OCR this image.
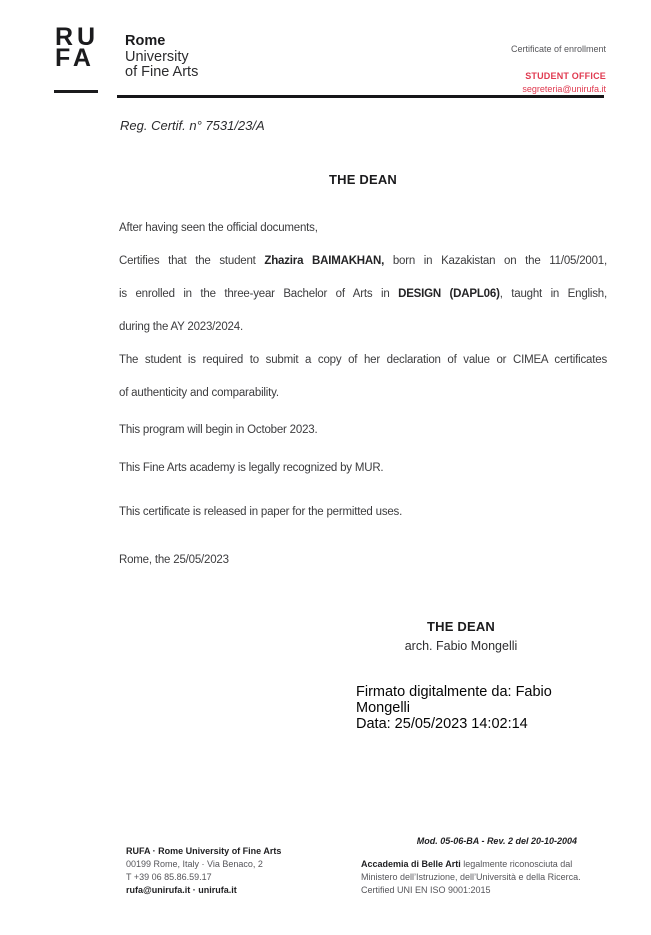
RU
FA
Rome
University
of Fine Arts
Certificate of enrollment
STUDENT OFFICE
segreteria@unirufa.it
Reg. Certif. n° 7531/23/A
THE DEAN
After having seen the official documents,
Certifies that the student Zhazira BAIMAKHAN, born in Kazakistan on the 11/05/2001,
is enrolled in the three-year Bachelor of Arts in DESIGN (DAPL06), taught in English,
during the AY 2023/2024.
The student is required to submit a copy of her declaration of value or CIMEA certificates
of authenticity and comparability.
This program will begin in October 2023.
This Fine Arts academy is legally recognized by MUR.
This certificate is released in paper for the permitted uses.
Rome, the 25/05/2023
THE DEAN
arch. Fabio Mongelli
Firmato digitalmente da: Fabio
Mongelli
Data: 25/05/2023 14:02:14
RUFA · Rome University of Fine Arts
00199 Rome, Italy · Via Benaco, 2
T +39 06 85.86.59.17
rufa@unirufa.it · unirufa.it
Mod. 05-06-BA - Rev. 2 del 20-10-2004
Accademia di Belle Arti legalmente riconosciuta dal
Ministero dell’Istruzione, dell’Università e della Ricerca.
Certified UNI EN ISO 9001:2015
